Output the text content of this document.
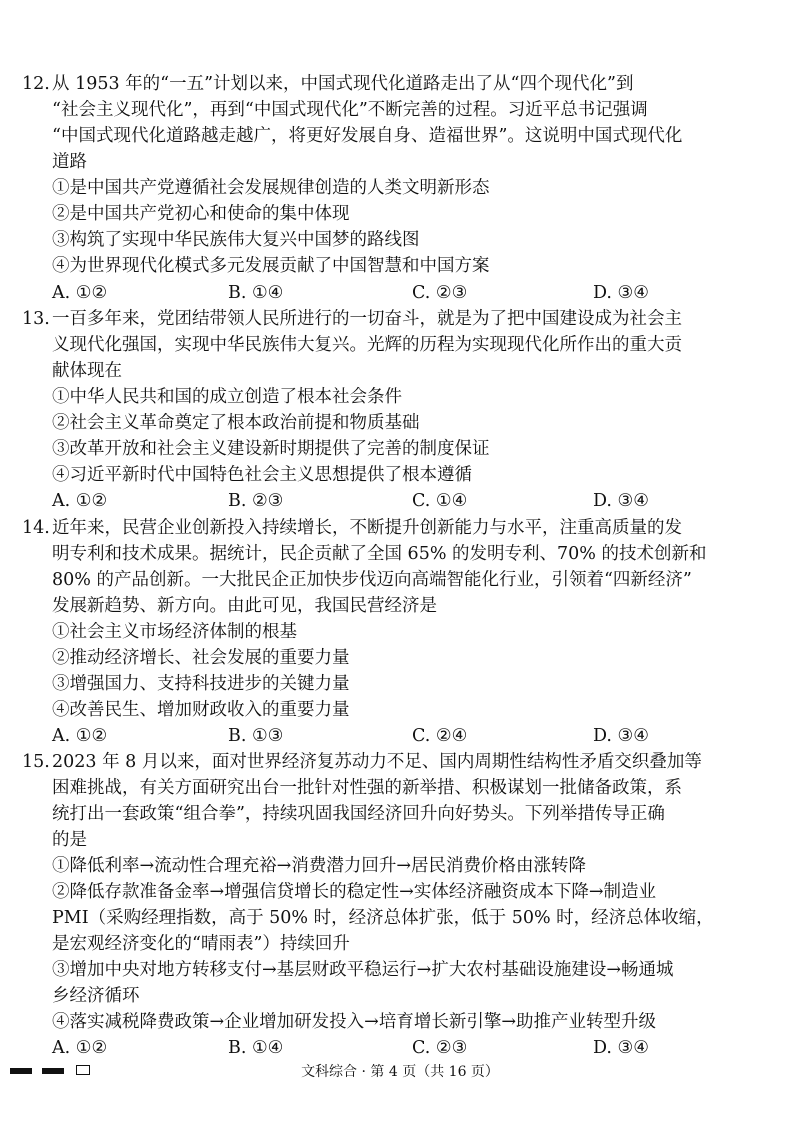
12. 从 1953 年的“一五”计划以来，中国式现代化道路走出了从“四个现代化”到
“社会主义现代化”，再到“中国式现代化”不断完善的过程。习近平总书记强调
“中国式现代化道路越走越广，将更好发展自身、造福世界”。这说明中国式现代化
道路
①是中国共产党遵循社会发展规律创造的人类文明新形态
②是中国共产党初心和使命的集中体现
③构筑了实现中华民族伟大复兴中国梦的路线图
④为世界现代化模式多元发展贡献了中国智慧和中国方案
A. ①②	B. ①④	C. ②③	D. ③④
13. 一百多年来，党团结带领人民所进行的一切奋斗，就是为了把中国建设成为社会主
义现代化强国，实现中华民族伟大复兴。光辉的历程为实现现代化所作出的重大贡
献体现在
①中华人民共和国的成立创造了根本社会条件
②社会主义革命奠定了根本政治前提和物质基础
③改革开放和社会主义建设新时期提供了完善的制度保证
④习近平新时代中国特色社会主义思想提供了根本遵循
A. ①②	B. ②③	C. ①④	D. ③④
14. 近年来，民营企业创新投入持续增长，不断提升创新能力与水平，注重高质量的发
明专利和技术成果。据统计，民企贡献了全国 65% 的发明专利、70% 的技术创新和
80% 的产品创新。一大批民企正加快步伐迈向高端智能化行业，引领着“四新经济”
发展新趋势、新方向。由此可见，我国民营经济是
①社会主义市场经济体制的根基
②推动经济增长、社会发展的重要力量
③增强国力、支持科技进步的关键力量
④改善民生、增加财政收入的重要力量
A. ①②	B. ①③	C. ②④	D. ③④
15. 2023 年 8 月以来，面对世界经济复苏动力不足、国内周期性结构性矛盾交织叠加等
困难挑战，有关方面研究出台一批针对性强的新举措、积极谋划一批储备政策，系
统打出一套政策“组合拳”，持续巩固我国经济回升向好势头。下列举措传导正确
的是
①降低利率→流动性合理充裕→消费潜力回升→居民消费价格由涨转降
②降低存款准备金率→增强信贷增长的稳定性→实体经济融资成本下降→制造业
PMI（采购经理指数，高于 50% 时，经济总体扩张，低于 50% 时，经济总体收缩，
是宏观经济变化的“晴雨表”）持续回升
③增加中央对地方转移支付→基层财政平稳运行→扩大农村基础设施建设→畅通城
乡经济循环
④落实减税降费政策→企业增加研发投入→培育增长新引擎→助推产业转型升级
A. ①②	B. ①④	C. ②③	D. ③④
文科综合 · 第 4 页（共 16 页）
